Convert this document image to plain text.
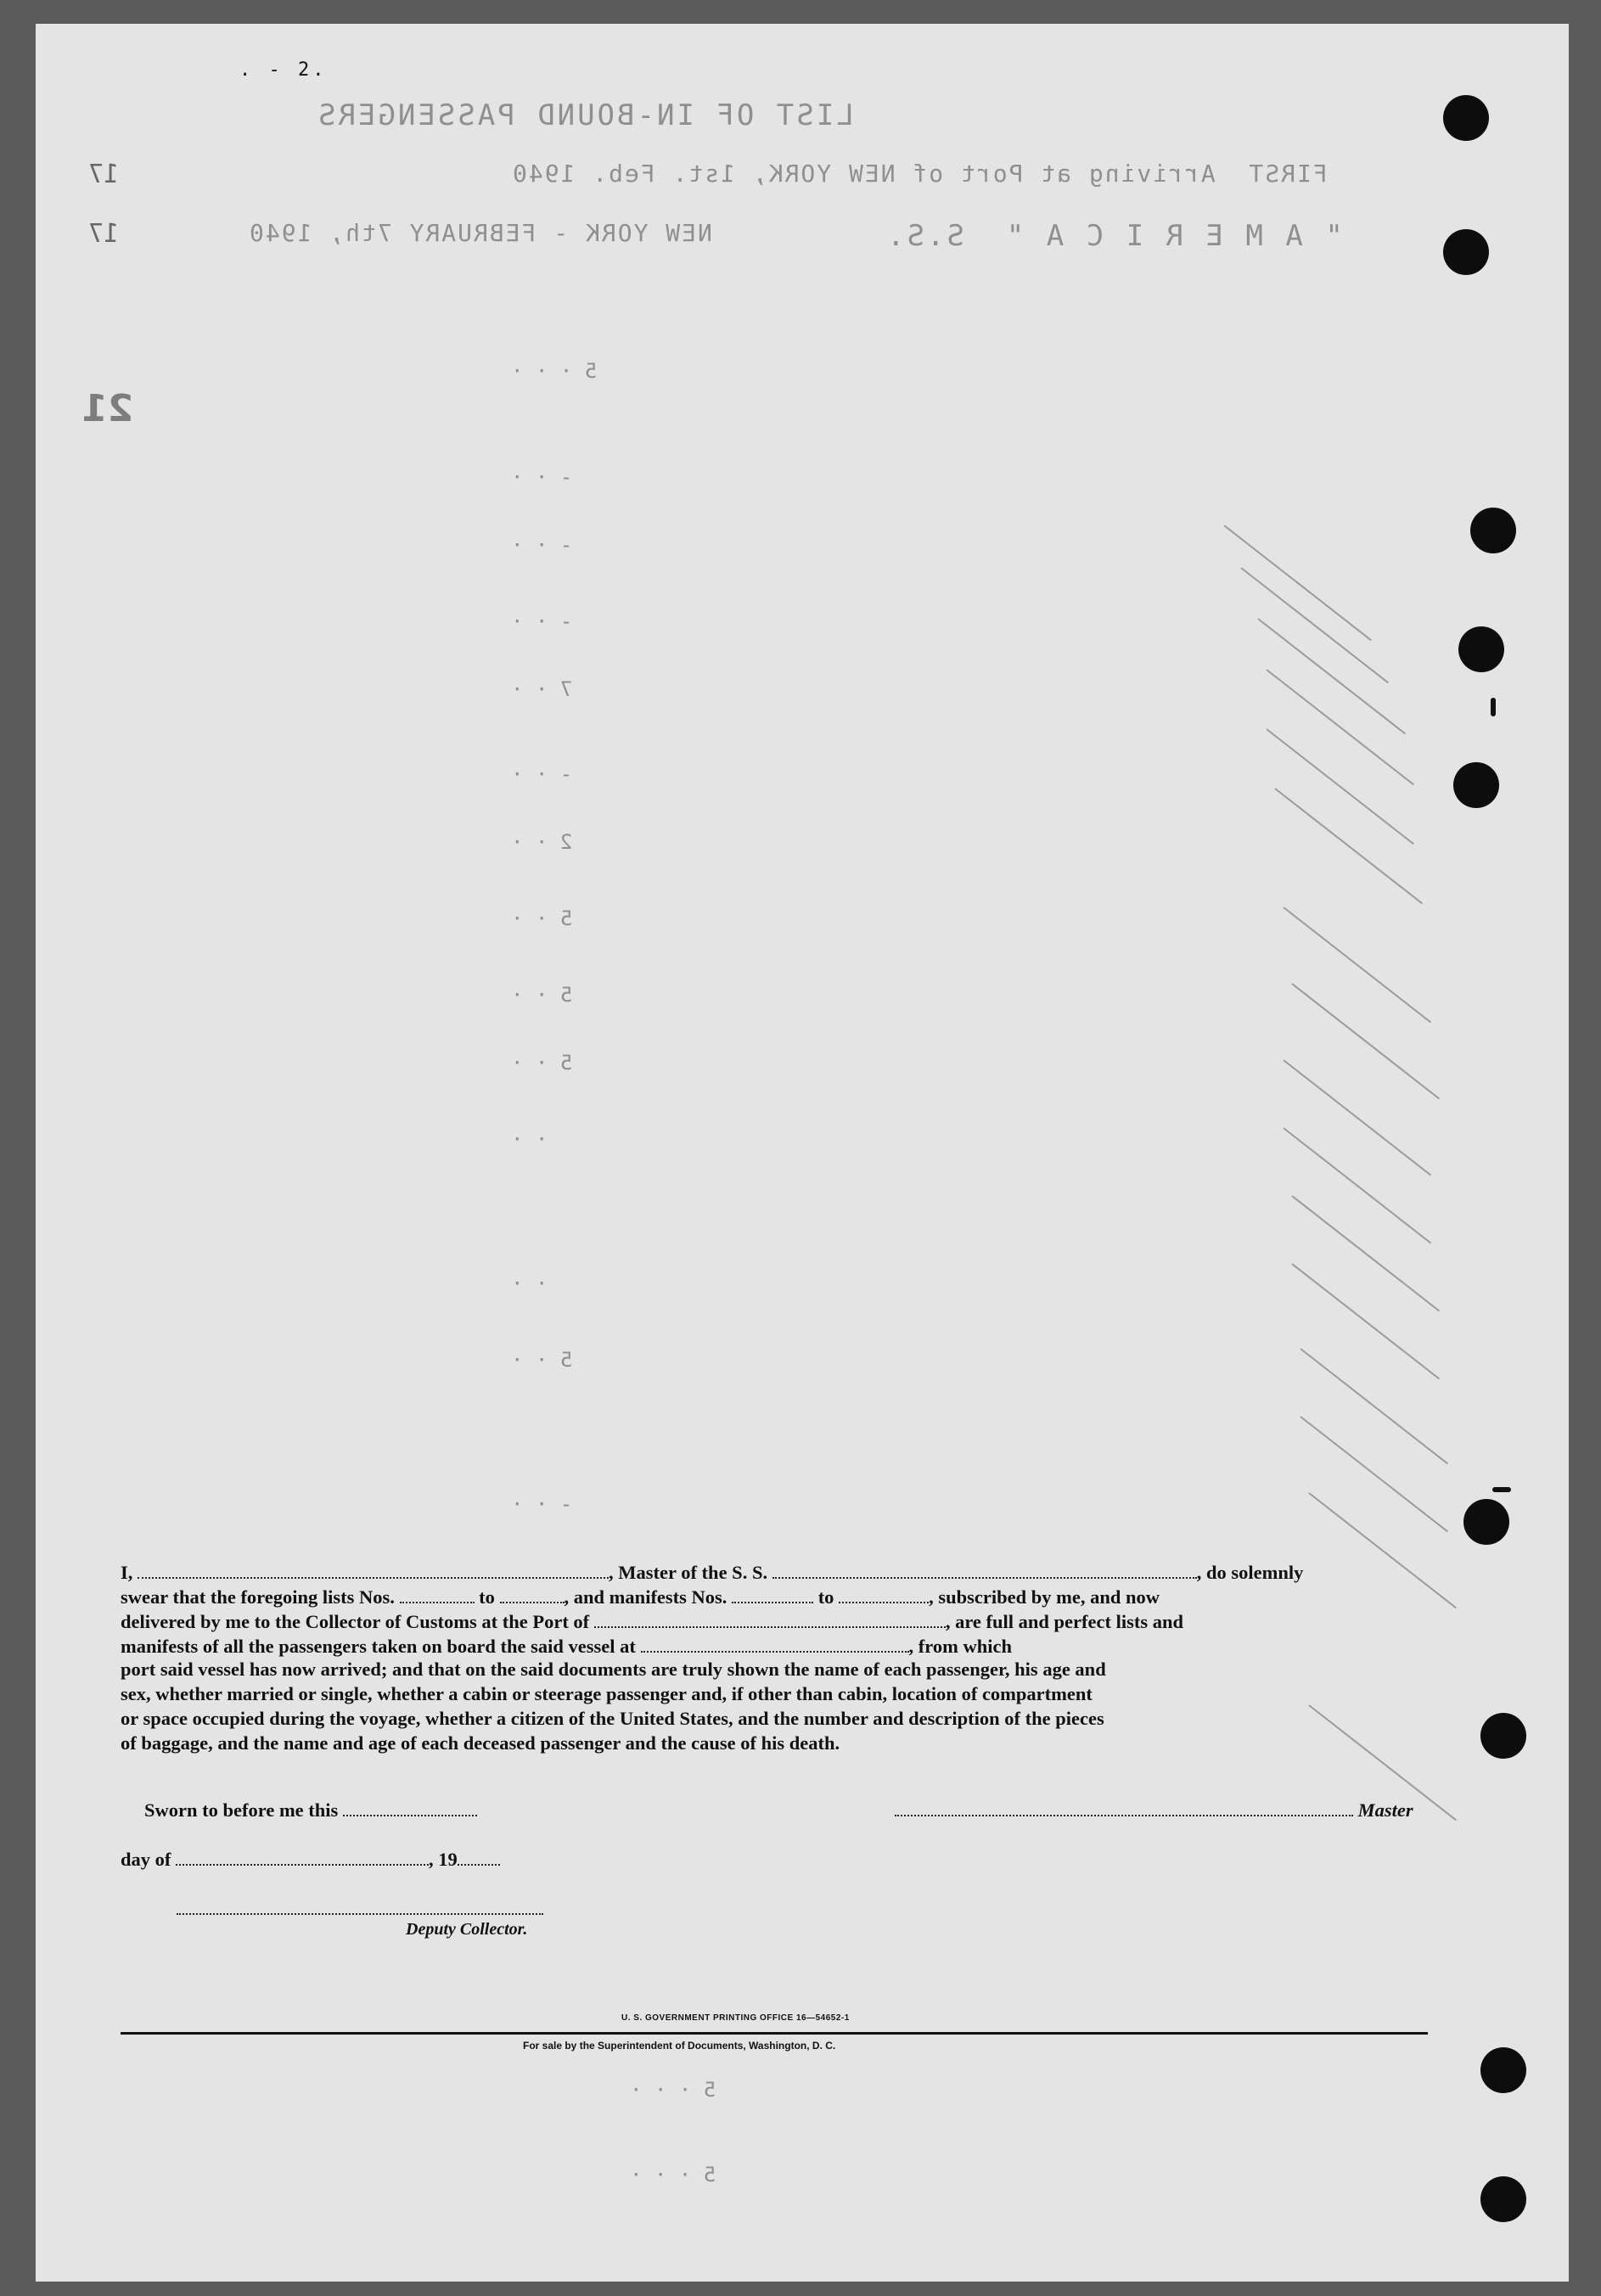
. - 2.
LIST OF IN-BOUND PASSENGERS
FIRST  Arriving at Port of NEW YORK, 1st. Feb. 1940
" A M E R I C A "  S.S.
NEW YORK - FEBRUARY 7th, 1940
17
17
21
5 · · ·
- · ·
- · ·
- · ·
7 · ·
- · ·
2 · ·
5 · ·
5 · ·
5 · ·
· ·
· ·
5 · ·
- · ·
I,	, Master of the S. S.	, do solemnly
swear that the foregoing lists Nos.	to	, and manifests Nos.	to	, subscribed by me, and now
delivered by me to the Collector of Customs at the Port of	, are full and perfect lists and
manifests of all the passengers taken on board the said vessel at	, from which
port said vessel has now arrived; and that on the said documents are truly shown the name of each passenger, his age and
sex, whether married or single, whether a cabin or steerage passenger and, if other than cabin, location of compartment
or space occupied during the voyage, whether a citizen of the United States, and the number and description of the pieces
of baggage, and the name and age of each deceased passenger and the cause of his death.
Sworn to before me this	Master
day of	, 19
Deputy Collector.
U. S. GOVERNMENT PRINTING OFFICE 16—54652-1
For sale by the Superintendent of Documents, Washington, D. C.
5 · · ·
5 · · ·
